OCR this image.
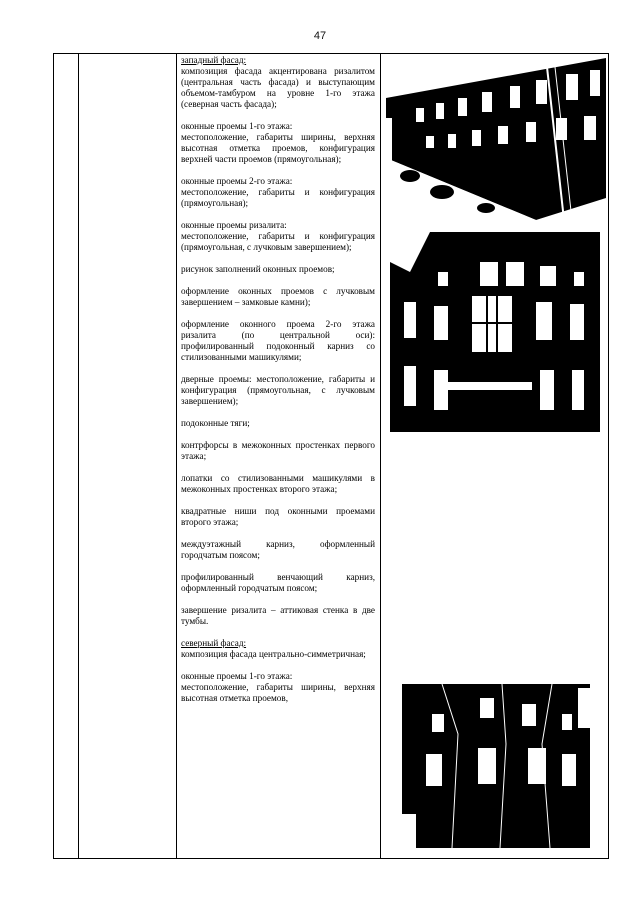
47
западный фасад:
композиция фасада акцентирована ризалитом (центральная часть фасада) и выступающим объемом-тамбуром на уровне 1-го этажа (северная часть фасада);
оконные проемы 1-го этажа:
местоположение, габариты ширины, верхняя высотная отметка проемов, конфигурация верхней части проемов (прямоугольная);
оконные проемы 2-го этажа:
местоположение, габариты и конфигурация (прямоугольная);
оконные проемы ризалита:
местоположение, габариты и конфигурация (прямоугольная, с лучковым завершением);
рисунок заполнений оконных проемов;
оформление оконных проемов с лучковым завершением – замковые камни);
оформление оконного проема 2-го этажа ризалита (по центральной оси): профилированный подоконный карниз со стилизованными машикулями;
дверные проемы: местоположение, габариты и конфигурация (прямоугольная, с лучковым завершением);
подоконные тяги;
контрфорсы в межоконных простенках первого этажа;
лопатки со стилизованными машикулями в межоконных простенках второго этажа;
квадратные ниши под оконными проемами второго этажа;
междуэтажный карниз, оформленный городчатым поясом;
профилированный венчающий карниз, оформленный городчатым поясом;
завершение ризалита – аттиковая стенка в две тумбы.
северный фасад:
композиция фасада центрально-симметричная;
оконные проемы 1-го этажа:
местоположение, габариты ширины, верхняя высотная отметка проемов,
